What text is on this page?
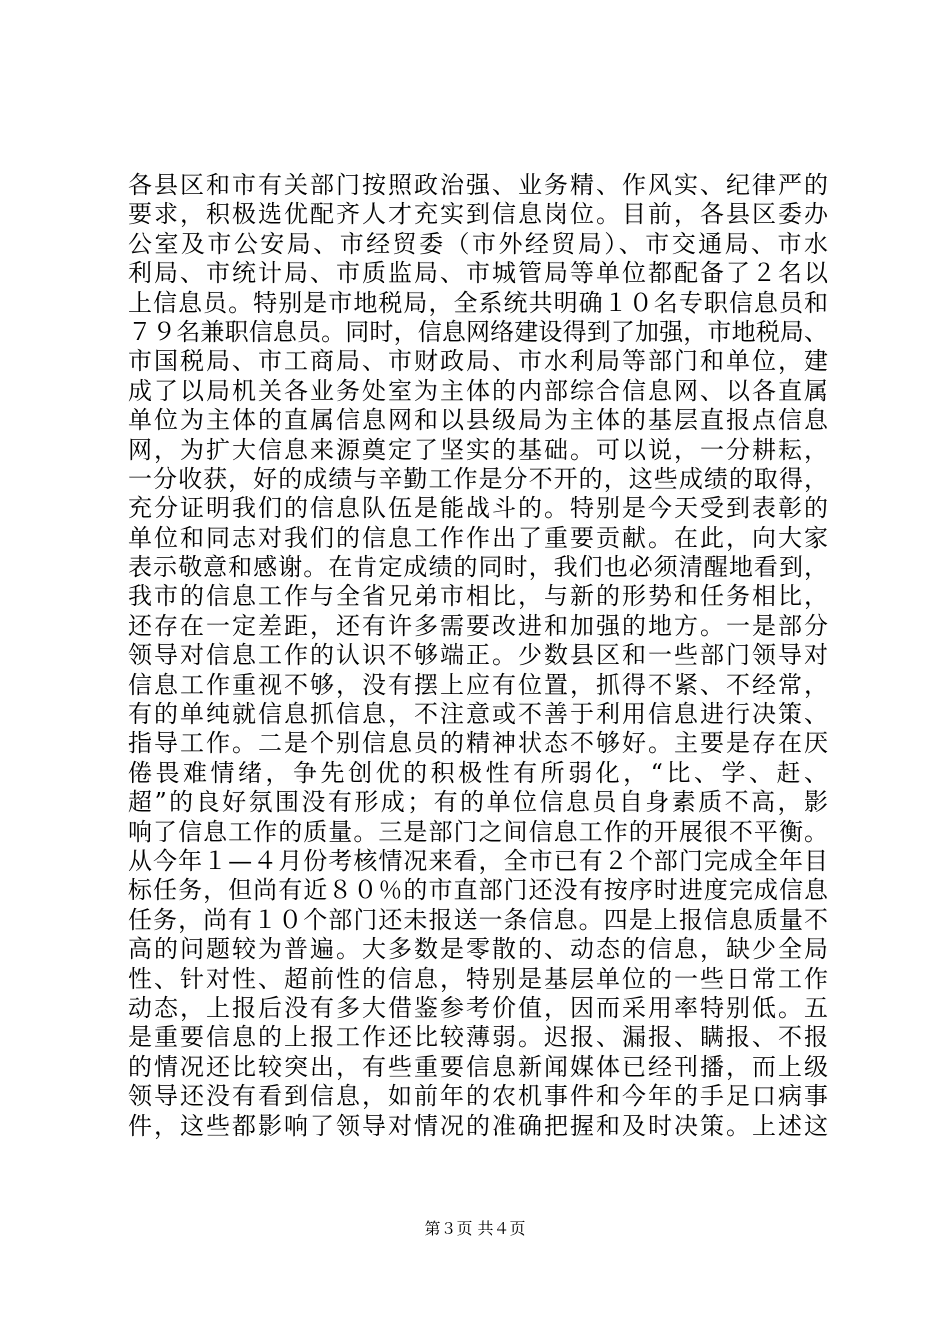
各县区和市有关部门按照政治强、业务精、作风实、纪律严的
要求，积极选优配齐人才充实到信息岗位。目前，各县区委办
公室及市公安局、市经贸委（市外经贸局）、市交通局、市水
利局、市统计局、市质监局、市城管局等单位都配备了２名以
上信息员。特别是市地税局，全系统共明确１０名专职信息员和
７９名兼职信息员。同时，信息网络建设得到了加强，市地税局、
市国税局、市工商局、市财政局、市水利局等部门和单位，建
成了以局机关各业务处室为主体的内部综合信息网、以各直属
单位为主体的直属信息网和以县级局为主体的基层直报点信息
网，为扩大信息来源奠定了坚实的基础。可以说，一分耕耘，
一分收获，好的成绩与辛勤工作是分不开的，这些成绩的取得，
充分证明我们的信息队伍是能战斗的。特别是今天受到表彰的
单位和同志对我们的信息工作作出了重要贡献。在此，向大家
表示敬意和感谢。在肯定成绩的同时，我们也必须清醒地看到，
我市的信息工作与全省兄弟市相比，与新的形势和任务相比，
还存在一定差距，还有许多需要改进和加强的地方。一是部分
领导对信息工作的认识不够端正。少数县区和一些部门领导对
信息工作重视不够，没有摆上应有位置，抓得不紧、不经常，
有的单纯就信息抓信息，不注意或不善于利用信息进行决策、
指导工作。二是个别信息员的精神状态不够好。主要是存在厌
倦畏难情绪，争先创优的积极性有所弱化，“比、学、赶、
超”的良好氛围没有形成；有的单位信息员自身素质不高，影
响了信息工作的质量。三是部门之间信息工作的开展很不平衡。
从今年１—４月份考核情况来看，全市已有２个部门完成全年目
标任务，但尚有近８０％的市直部门还没有按序时进度完成信息
任务，尚有１０个部门还未报送一条信息。四是上报信息质量不
高的问题较为普遍。大多数是零散的、动态的信息，缺少全局
性、针对性、超前性的信息，特别是基层单位的一些日常工作
动态，上报后没有多大借鉴参考价值，因而采用率特别低。五
是重要信息的上报工作还比较薄弱。迟报、漏报、瞒报、不报
的情况还比较突出，有些重要信息新闻媒体已经刊播，而上级
领导还没有看到信息，如前年的农机事件和今年的手足口病事
件，这些都影响了领导对情况的准确把握和及时决策。上述这
第３页 共４页
